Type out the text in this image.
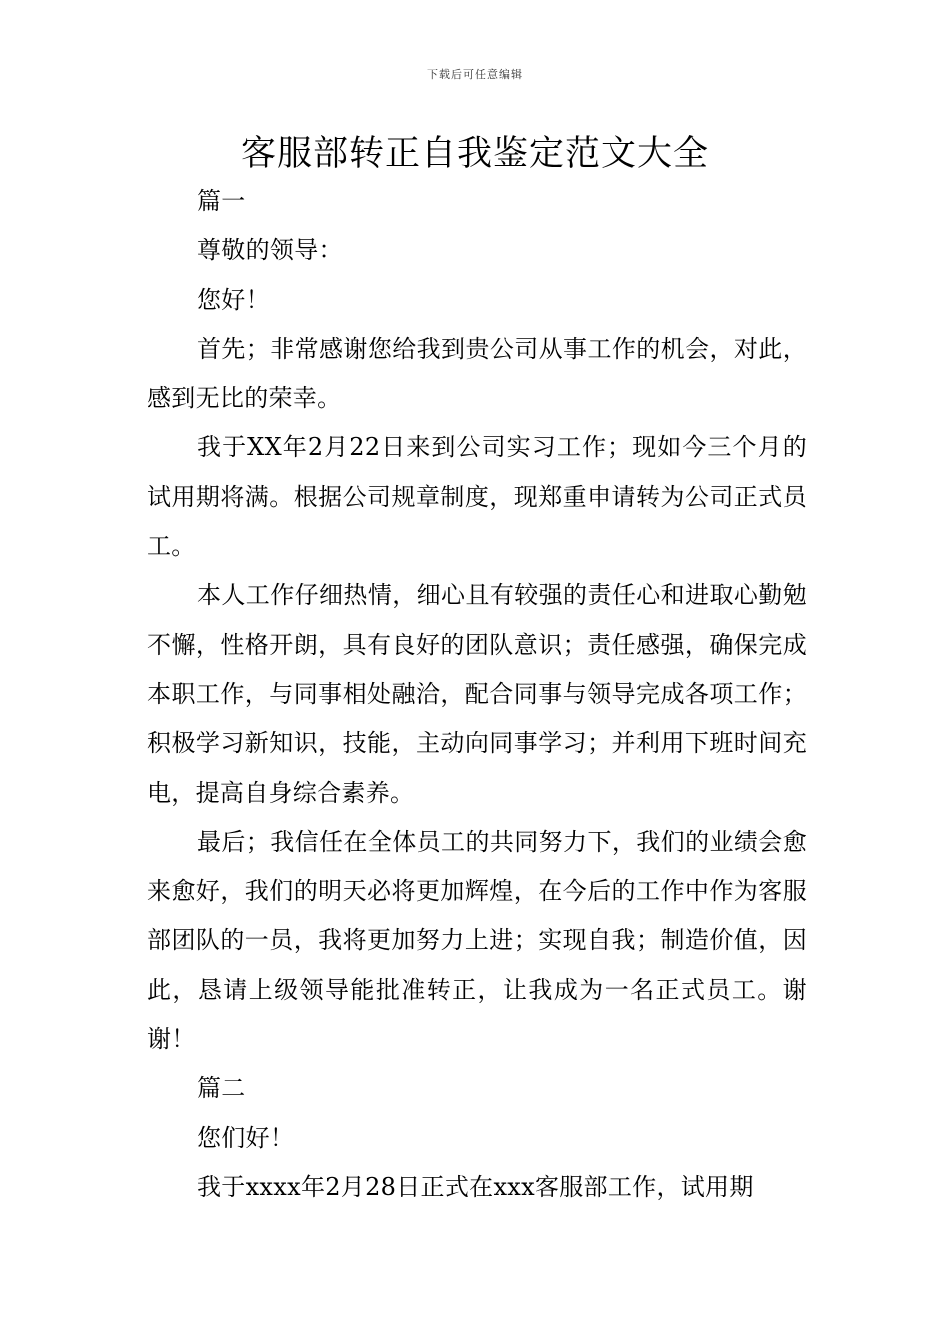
下载后可任意编辑
客服部转正自我鉴定范文大全

篇一

尊敬的领导：

您好！

首先；非常感谢您给我到贵公司从事工作的机会，对此，感到无比的荣幸。

我于XX年2月22日来到公司实习工作；现如今三个月的试用期将满。根据公司规章制度，现郑重申请转为公司正式员工。

本人工作仔细热情，细心且有较强的责任心和进取心勤勉不懈，性格开朗，具有良好的团队意识；责任感强，确保完成本职工作，与同事相处融洽，配合同事与领导完成各项工作；积极学习新知识，技能，主动向同事学习；并利用下班时间充电，提高自身综合素养。

最后；我信任在全体员工的共同努力下，我们的业绩会愈来愈好，我们的明天必将更加辉煌，在今后的工作中作为客服部团队的一员，我将更加努力上进；实现自我；制造价值，因此，恳请上级领导能批准转正，让我成为一名正式员工。谢谢！

篇二

您们好！

我于xxxx年2月28日正式在xxx客服部工作，试用期
